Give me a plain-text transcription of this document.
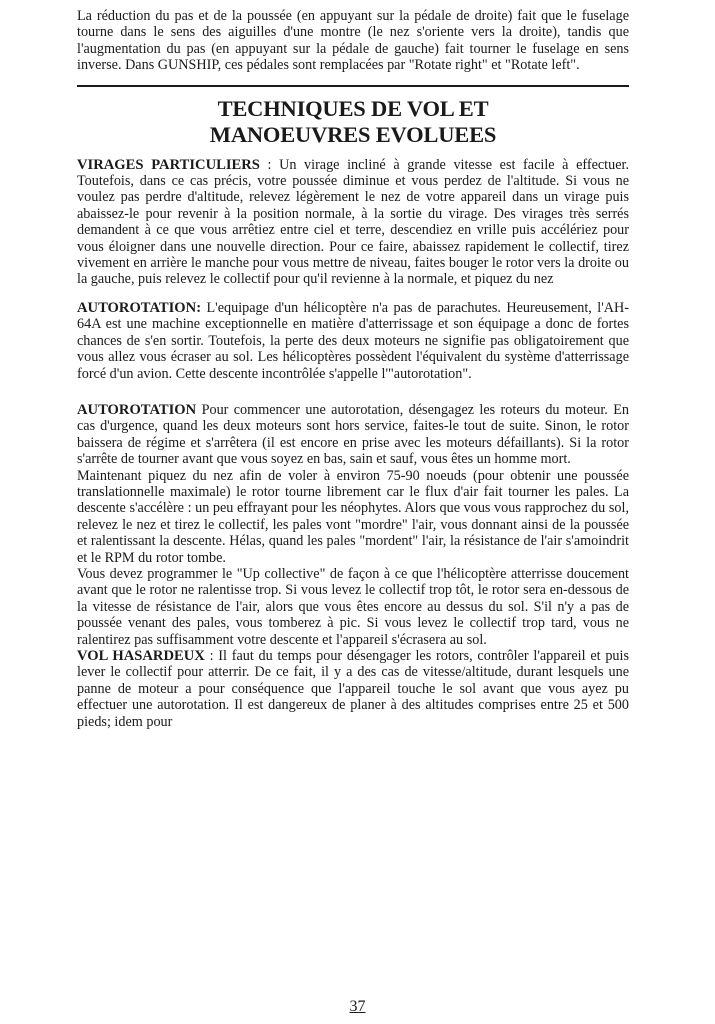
La réduction du pas et de la poussée (en appuyant sur la pédale de droite) fait que le fuselage tourne dans le sens des aiguilles d'une montre (le nez s'oriente vers la droite), tandis que l'augmentation du pas (en appuyant sur la pédale de gauche) fait tourner le fuselage en sens inverse. Dans GUNSHIP, ces pédales sont remplacées par "Rotate right" et "Rotate left".

TECHNIQUES DE VOL ET
MANOEUVRES EVOLUEES

VIRAGES PARTICULIERS : Un virage incliné à grande vitesse est facile à effectuer. Toutefois, dans ce cas précis, votre poussée diminue et vous perdez de l'altitude. Si vous ne voulez pas perdre d'altitude, relevez légèrement le nez de votre appareil dans un virage puis abaissez-le pour revenir à la position normale, à la sortie du virage. Des virages très serrés demandent à ce que vous arrêtiez entre ciel et terre, descendiez en vrille puis accélériez pour vous éloigner dans une nouvelle direction. Pour ce faire, abaissez rapidement le collectif, tirez vivement en arrière le manche pour vous mettre de niveau, faites bouger le rotor vers la droite ou la gauche, puis relevez le collectif pour qu'il revienne à la normale, et piquez du nez

AUTOROTATION: L'equipage d'un hélicoptère n'a pas de parachutes. Heureusement, l'AH-64A est une machine exceptionnelle en matière d'atterrissage et son équipage a donc de fortes chances de s'en sortir. Toutefois, la perte des deux moteurs ne signifie pas obligatoirement que vous allez vous écraser au sol. Les hélicoptères possèdent l'équivalent du système d'atterrissage forcé d'un avion. Cette descente incontrôlée s'appelle l'"autorotation".

AUTOROTATION Pour commencer une autorotation, désengagez les roteurs du moteur. En cas d'urgence, quand les deux moteurs sont hors service, faites-le tout de suite. Sinon, le rotor baissera de régime et s'arrêtera (il est encore en prise avec les moteurs défaillants). Si la rotor s'arrête de tourner avant que vous soyez en bas, sain et sauf, vous êtes un homme mort.

Maintenant piquez du nez afin de voler à environ 75-90 noeuds (pour obtenir une poussée translationnelle maximale) le rotor tourne librement car le flux d'air fait tourner les pales. La descente s'accélère : un peu effrayant pour les néophytes. Alors que vous vous rapprochez du sol, relevez le nez et tirez le collectif, les pales vont "mordre" l'air, vous donnant ainsi de la poussée et ralentissant la descente. Hélas, quand les pales "mordent" l'air, la résistance de l'air s'amoindrit et le RPM du rotor tombe.

Vous devez programmer le "Up collective" de façon à ce que l'hélicoptère atterrisse doucement avant que le rotor ne ralentisse trop. Si vous levez le collectif trop tôt, le rotor sera en-dessous de la vitesse de résistance de l'air, alors que vous êtes encore au dessus du sol. S'il n'y a pas de poussée venant des pales, vous tomberez à pic. Si vous levez le collectif trop tard, vous ne ralentirez pas suffisamment votre descente et l'appareil s'écrasera au sol.

VOL HASARDEUX : Il faut du temps pour désengager les rotors, contrôler l'appareil et puis lever le collectif pour atterrir. De ce fait, il y a des cas de vitesse/altitude, durant lesquels une panne de moteur a pour conséquence que l'appareil touche le sol avant que vous ayez pu effectuer une autorotation. Il est dangereux de planer à des altitudes comprises entre 25 et 500 pieds; idem pour

37
